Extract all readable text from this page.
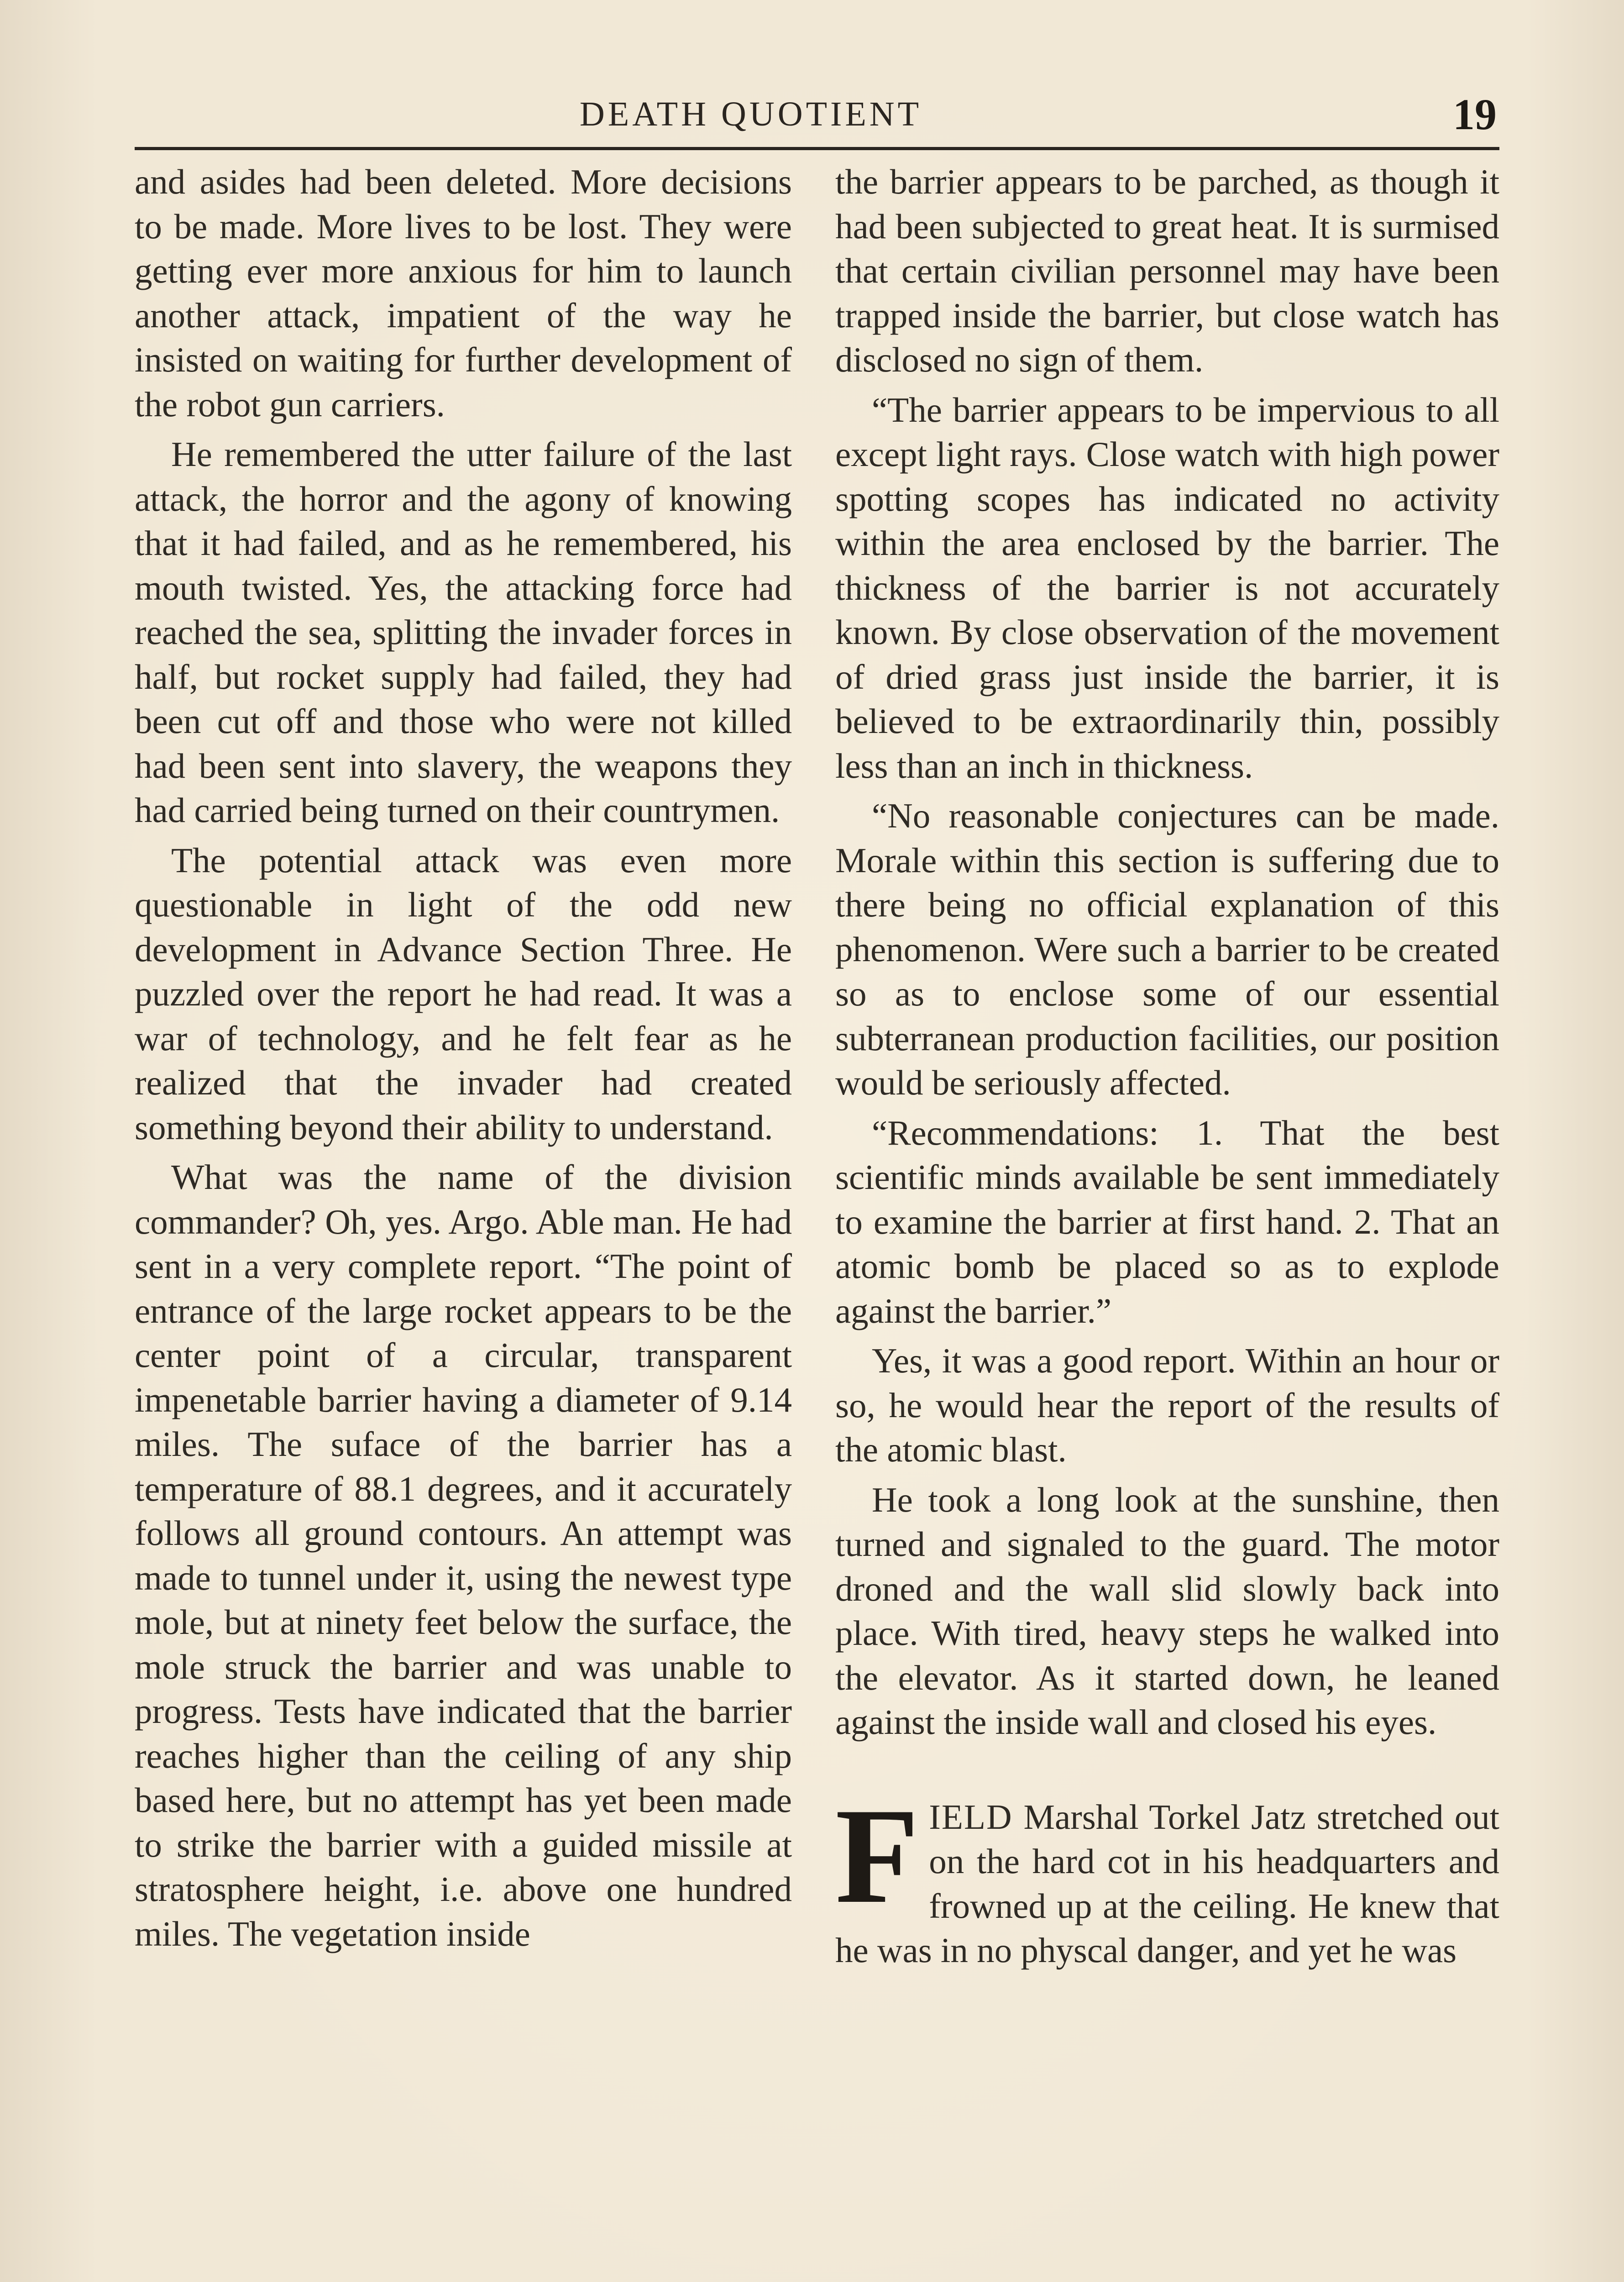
DEATH QUOTIENT	19

and asides had been deleted. More decisions to be made. More lives to be lost. They were getting ever more anxious for him to launch another attack, impatient of the way he insisted on waiting for further development of the robot gun carriers.

He remembered the utter failure of the last attack, the horror and the agony of knowing that it had failed, and as he remembered, his mouth twisted. Yes, the attacking force had reached the sea, splitting the invader forces in half, but rocket supply had failed, they had been cut off and those who were not killed had been sent into slavery, the weapons they had carried being turned on their countrymen.

The potential attack was even more questionable in light of the odd new development in Advance Section Three. He puzzled over the report he had read. It was a war of technology, and he felt fear as he realized that the invader had created something beyond their ability to understand.

What was the name of the division commander? Oh, yes. Argo. Able man. He had sent in a very complete report. “The point of entrance of the large rocket appears to be the center point of a circular, transparent impenetable barrier having a diameter of 9.14 miles. The suface of the barrier has a temperature of 88.1 degrees, and it accurately follows all ground contours. An attempt was made to tunnel under it, using the newest type mole, but at ninety feet below the surface, the mole struck the barrier and was unable to progress. Tests have indicated that the barrier reaches higher than the ceiling of any ship based here, but no attempt has yet been made to strike the barrier with a guided missile at stratosphere height, i.e. above one hundred miles. The vegetation inside

the barrier appears to be parched, as though it had been subjected to great heat. It is surmised that certain civilian personnel may have been trapped inside the barrier, but close watch has disclosed no sign of them.

“The barrier appears to be impervious to all except light rays. Close watch with high power spotting scopes has indicated no activity within the area enclosed by the barrier. The thickness of the barrier is not accurately known. By close observation of the movement of dried grass just inside the barrier, it is believed to be extraordinarily thin, possibly less than an inch in thickness.

“No reasonable conjectures can be made. Morale within this section is suffering due to there being no official explanation of this phenomenon. Were such a barrier to be created so as to enclose some of our essential subterranean production facilities, our position would be seriously affected.

“Recommendations: 1. That the best scientific minds available be sent immediately to examine the barrier at first hand. 2. That an atomic bomb be placed so as to explode against the barrier.”

Yes, it was a good report. Within an hour or so, he would hear the report of the results of the atomic blast.

He took a long look at the sunshine, then turned and signaled to the guard. The motor droned and the wall slid slowly back into place. With tired, heavy steps he walked into the elevator. As it started down, he leaned against the inside wall and closed his eyes.

FIELD Marshal Torkel Jatz stretched out on the hard cot in his headquarters and frowned up at the ceiling. He knew that he was in no physcal danger, and yet he was
